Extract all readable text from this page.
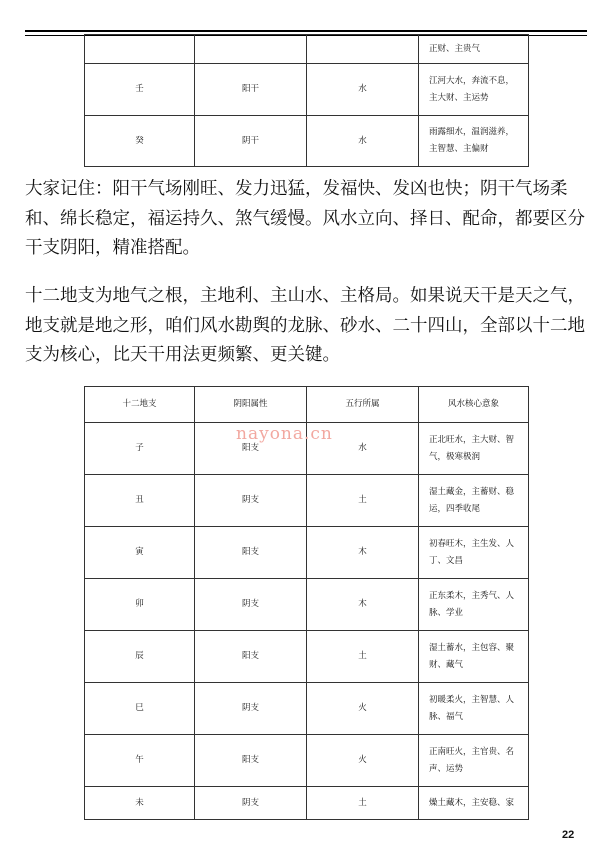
			正财、主贵气
壬	阳干	水	江河大水，奔流不息，主大财、主运势
癸	阴干	水	雨露细水，温润滋养，主智慧、主偏财

大家记住：阳干气场刚旺、发力迅猛，发福快、发凶也快；阴干气场柔和、绵长稳定，福运持久、煞气缓慢。风水立向、择日、配命，都要区分干支阴阳，精准搭配。

十二地支为地气之根，主地利、主山水、主格局。如果说天干是天之气，地支就是地之形，咱们风水勘舆的龙脉、砂水、二十四山，全部以十二地支为核心，比天干用法更频繁、更关键。

十二地支	阴阳属性	五行所属	风水核心意象
子	阳支	水	正北旺水，主大财、智气，极寒极润
丑	阴支	土	湿土藏金，主蓄财、稳运，四季收尾
寅	阳支	木	初春旺木，主生发、人丁、文昌
卯	阴支	木	正东柔木，主秀气、人脉、学业
辰	阳支	土	湿土蓄水，主包容、聚财、藏气
巳	阴支	火	初暖柔火，主智慧、人脉、福气
午	阳支	火	正南旺火，主官贵、名声、运势
未	阴支	土	燥土藏木，主安稳、家
nayona.cn
22
